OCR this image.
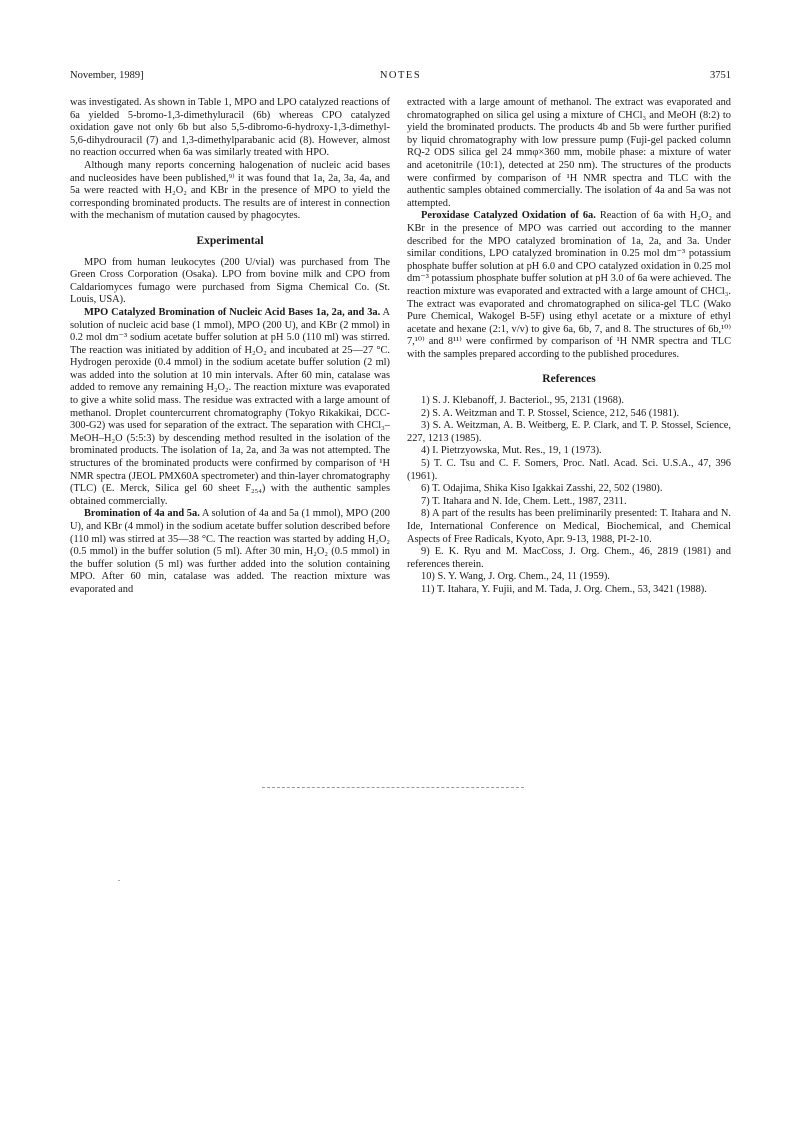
November, 1989]	NOTES	3751

was investigated. As shown in Table 1, MPO and LPO catalyzed reactions of 6a yielded 5-bromo-1,3-dimethyluracil (6b) whereas CPO catalyzed oxidation gave not only 6b but also 5,5-dibromo-6-hydroxy-1,3-dimethyl-5,6-dihydrouracil (7) and 1,3-dimethylparabanic acid (8). However, almost no reaction occurred when 6a was similarly treated with HPO.

Although many reports concerning halogenation of nucleic acid bases and nucleosides have been published,⁹⁾ it was found that 1a, 2a, 3a, 4a, and 5a were reacted with H₂O₂ and KBr in the presence of MPO to yield the corresponding brominated products. The results are of interest in connection with the mechanism of mutation caused by phagocytes.

Experimental

MPO from human leukocytes (200 U/vial) was purchased from The Green Cross Corporation (Osaka). LPO from bovine milk and CPO from Caldariomyces fumago were purchased from Sigma Chemical Co. (St. Louis, USA).

MPO Catalyzed Bromination of Nucleic Acid Bases 1a, 2a, and 3a. A solution of nucleic acid base (1 mmol), MPO (200 U), and KBr (2 mmol) in 0.2 mol dm⁻³ sodium acetate buffer solution at pH 5.0 (110 ml) was stirred. The reaction was initiated by addition of H₂O₂ and incubated at 25—27 °C. Hydrogen peroxide (0.4 mmol) in the sodium acetate buffer solution (2 ml) was added into the solution at 10 min intervals. After 60 min, catalase was added to remove any remaining H₂O₂. The reaction mixture was evaporated to give a white solid mass. The residue was extracted with a large amount of methanol. Droplet countercurrent chromatography (Tokyo Rikakikai, DCC-300-G2) was used for separation of the extract. The separation with CHCl₃–MeOH–H₂O (5:5:3) by descending method resulted in the isolation of the brominated products. The isolation of 1a, 2a, and 3a was not attempted. The structures of the brominated products were confirmed by comparison of ¹H NMR spectra (JEOL PMX60A spectrometer) and thin-layer chromatography (TLC) (E. Merck, Silica gel 60 sheet F₂₅₄) with the authentic samples obtained commercially.

Bromination of 4a and 5a. A solution of 4a and 5a (1 mmol), MPO (200 U), and KBr (4 mmol) in the sodium acetate buffer solution described before (110 ml) was stirred at 35—38 °C. The reaction was started by adding H₂O₂ (0.5 mmol) in the buffer solution (5 ml). After 30 min, H₂O₂ (0.5 mmol) in the buffer solution (5 ml) was further added into the solution containing MPO. After 60 min, catalase was added. The reaction mixture was evaporated and

extracted with a large amount of methanol. The extract was evaporated and chromatographed on silica gel using a mixture of CHCl₃ and MeOH (8:2) to yield the brominated products. The products 4b and 5b were further purified by liquid chromatography with low pressure pump (Fuji-gel packed column RQ-2 ODS silica gel 24 mmφ×360 mm, mobile phase: a mixture of water and acetonitrile (10:1), detected at 250 nm). The structures of the products were confirmed by comparison of ¹H NMR spectra and TLC with the authentic samples obtained commercially. The isolation of 4a and 5a was not attempted.

Peroxidase Catalyzed Oxidation of 6a. Reaction of 6a with H₂O₂ and KBr in the presence of MPO was carried out according to the manner described for the MPO catalyzed bromination of 1a, 2a, and 3a. Under similar conditions, LPO catalyzed bromination in 0.25 mol dm⁻³ potassium phosphate buffer solution at pH 6.0 and CPO catalyzed oxidation in 0.25 mol dm⁻³ potassium phosphate buffer solution at pH 3.0 of 6a were achieved. The reaction mixture was evaporated and extracted with a large amount of CHCl₃. The extract was evaporated and chromatographed on silica-gel TLC (Wako Pure Chemical, Wakogel B-5F) using ethyl acetate or a mixture of ethyl acetate and hexane (2:1, v/v) to give 6a, 6b, 7, and 8. The structures of 6b,¹⁰⁾ 7,¹⁰⁾ and 8¹¹⁾ were confirmed by comparison of ¹H NMR spectra and TLC with the samples prepared according to the published procedures.

References

1) S. J. Klebanoff, J. Bacteriol., 95, 2131 (1968).

2) S. A. Weitzman and T. P. Stossel, Science, 212, 546 (1981).

3) S. A. Weitzman, A. B. Weitberg, E. P. Clark, and T. P. Stossel, Science, 227, 1213 (1985).

4) I. Pietrzyowska, Mut. Res., 19, 1 (1973).

5) T. C. Tsu and C. F. Somers, Proc. Natl. Acad. Sci. U.S.A., 47, 396 (1961).

6) T. Odajima, Shika Kiso Igakkai Zasshi, 22, 502 (1980).

7) T. Itahara and N. Ide, Chem. Lett., 1987, 2311.

8) A part of the results has been preliminarily presented: T. Itahara and N. Ide, International Conference on Medical, Biochemical, and Chemical Aspects of Free Radicals, Kyoto, Apr. 9-13, 1988, PI-2-10.

9) E. K. Ryu and M. MacCoss, J. Org. Chem., 46, 2819 (1981) and references therein.

10) S. Y. Wang, J. Org. Chem., 24, 11 (1959).

11) T. Itahara, Y. Fujii, and M. Tada, J. Org. Chem., 53, 3421 (1988).
